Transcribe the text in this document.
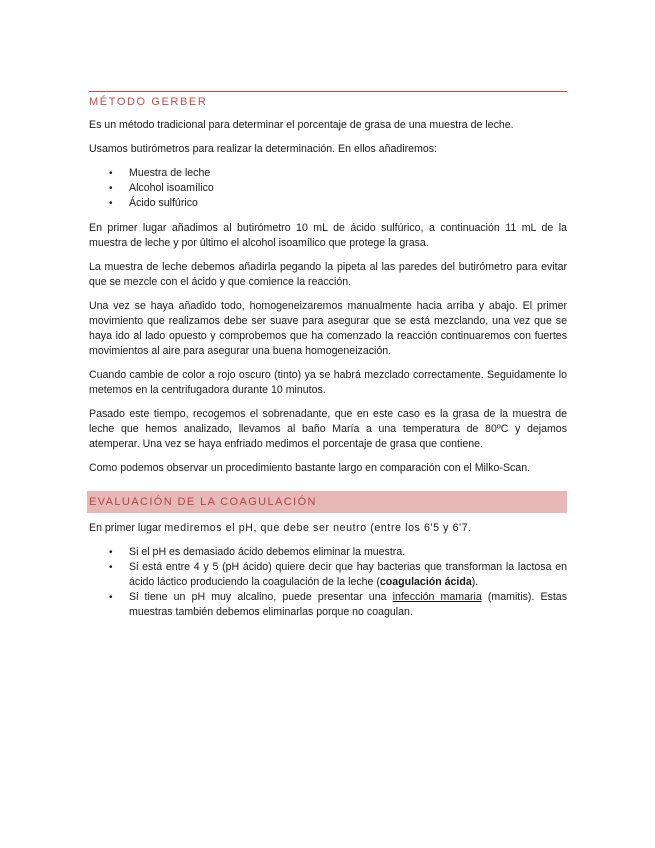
MÉTODO GERBER

Es un método tradicional para determinar el porcentaje de grasa de una muestra de leche.

Usamos butirómetros para realizar la determinación. En ellos añadiremos:

• Muestra de leche
• Alcohol isoamílico
• Ácido sulfúrico

En primer lugar añadimos al butirómetro 10 mL de ácido sulfúrico, a continuación 11 mL de la muestra de leche y por último el alcohol isoamílico que protege la grasa.

La muestra de leche debemos añadirla pegando la pipeta al las paredes del butirómetro para evitar que se mezcle con el ácido y que comience la reacción.

Una vez se haya añadido todo, homogeneizaremos manualmente hacia arriba y abajo. El primer movimiento que realizamos debe ser suave para asegurar que se está mezclando, una vez que se haya ido al lado opuesto y comprobemos que ha comenzado la reacción continuaremos con fuertes movimientos al aire para asegurar una buena homogeneización.

Cuando cambie de color a rojo oscuro (tinto) ya se habrá mezclado correctamente. Seguidamente lo metemos en la centrifugadora durante 10 minutos.

Pasado este tiempo, recogemos el sobrenadante, que en este caso es la grasa de la muestra de leche que hemos analizado, llevamos al baño María a una temperatura de 80ºC y dejamos atemperar. Una vez se haya enfriado medimos el porcentaje de grasa que contiene.

Como podemos observar un procedimiento bastante largo en comparación con el Milko-Scan.

EVALUACIÓN DE LA COAGULACIÓN

En primer lugar mediremos el pH, que debe ser neutro (entre los 6'5 y 6'7.

• Si el pH es demasiado ácido debemos eliminar la muestra.
• Si está entre 4 y 5 (pH ácido) quiere decir que hay bacterias que transforman la lactosa en ácido láctico produciendo la coagulación de la leche (coagulación ácida).
• Si tiene un pH muy alcalino, puede presentar una infección mamaria (mamitis). Estas muestras también debemos eliminarlas porque no coagulan.
